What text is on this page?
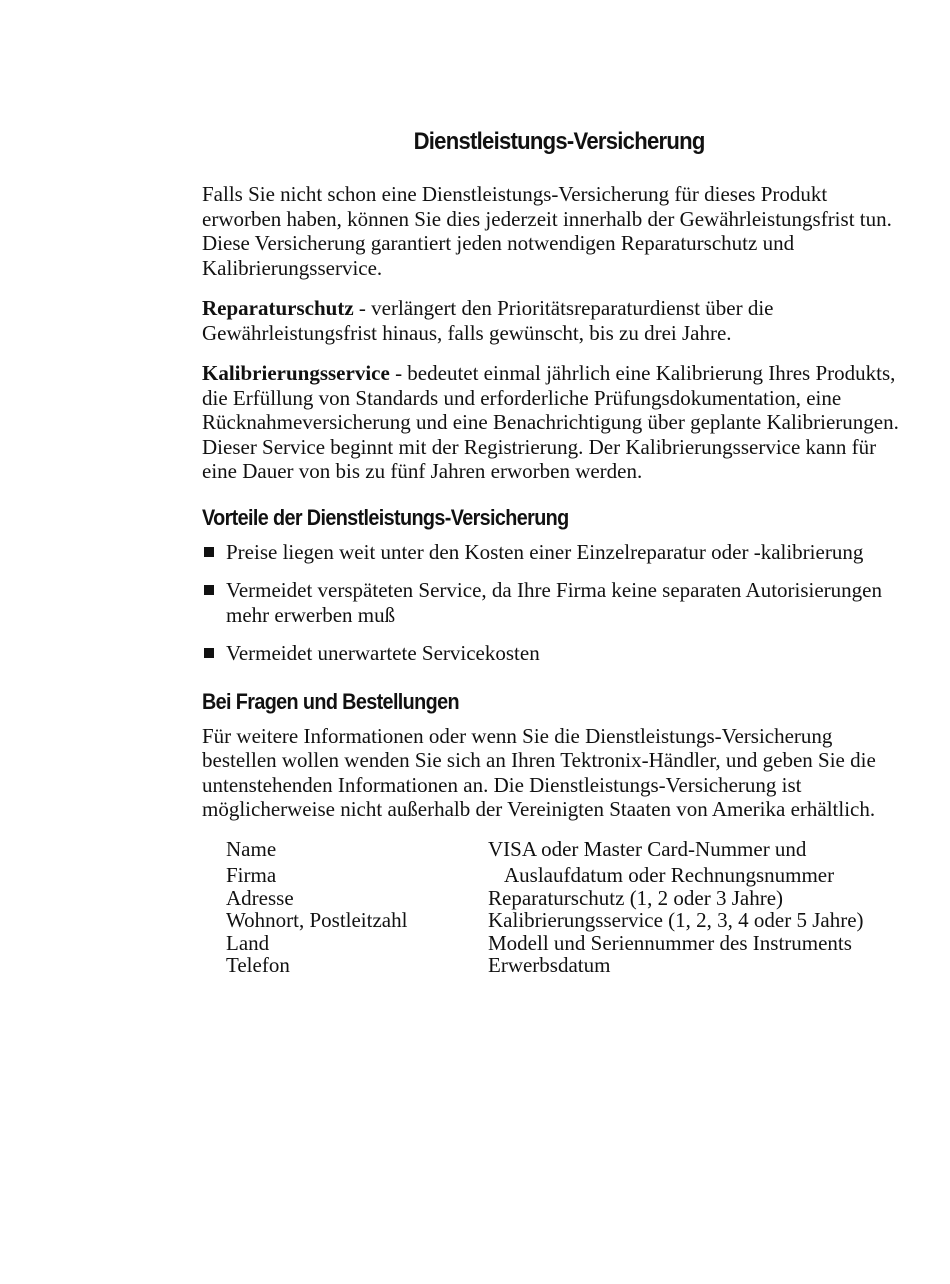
Dienstleistungs-Versicherung

Falls Sie nicht schon eine Dienstleistungs-Versicherung für dieses Produkt erworben haben, können Sie dies jederzeit innerhalb der Gewährleistungsfrist tun. Diese Versicherung garantiert jeden notwendigen Reparaturschutz und Kalibrierungsservice.

Reparaturschutz - verlängert den Prioritätsreparaturdienst über die Gewährleistungsfrist hinaus, falls gewünscht, bis zu drei Jahre.

Kalibrierungsservice - bedeutet einmal jährlich eine Kalibrierung Ihres Produkts, die Erfüllung von Standards und erforderliche Prüfungsdokumentation, eine Rücknahmeversicherung und eine Benachrichtigung über geplante Kalibrierungen. Dieser Service beginnt mit der Registrierung. Der Kalibrierungsservice kann für eine Dauer von bis zu fünf Jahren erworben werden.

Vorteile der Dienstleistungs-Versicherung
Preise liegen weit unter den Kosten einer Einzelreparatur oder -kalibrierung
Vermeidet verspäteten Service, da Ihre Firma keine separaten Autorisierungen mehr erwerben muß
Vermeidet unerwartete Servicekosten
Bei Fragen und Bestellungen

Für weitere Informationen oder wenn Sie die Dienstleistungs-Versicherung bestellen wollen wenden Sie sich an Ihren Tektronix-Händler, und geben Sie die untenstehenden Informationen an. Die Dienstleistungs-Versicherung ist möglicherweise nicht außerhalb der Vereinigten Staaten von Amerika erhältlich.

Name
Firma
Adresse
Wohnort, Postleitzahl
Land
Telefon
VISA oder Master Card-Nummer und
Auslaufdatum oder Rechnungsnummer
Reparaturschutz (1, 2 oder 3 Jahre)
Kalibrierungsservice (1, 2, 3, 4 oder 5 Jahre)
Modell und Seriennummer des Instruments
Erwerbsdatum
